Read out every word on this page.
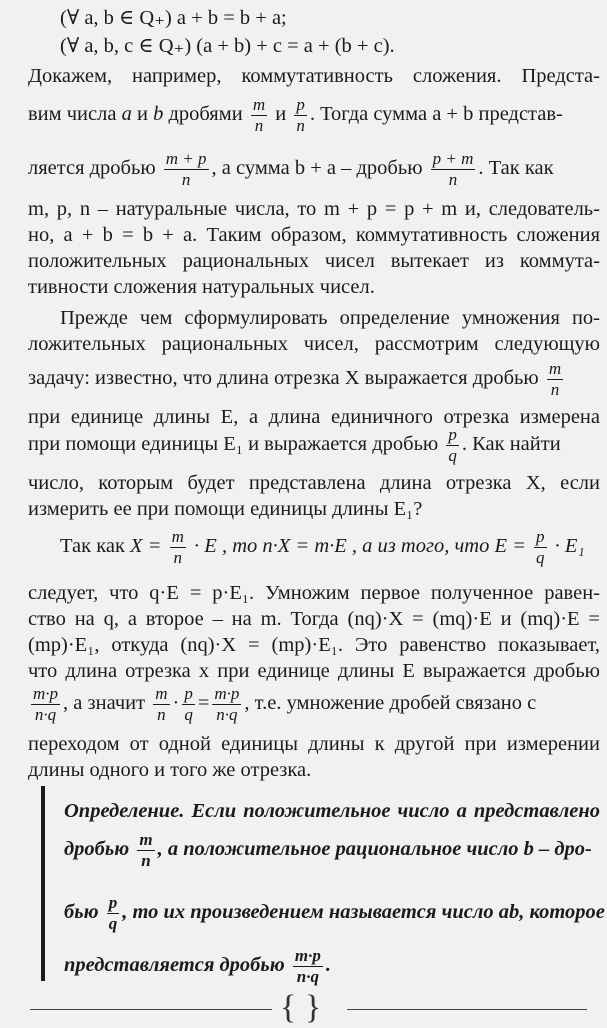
(∀ a, b ∈ Q₊) a + b = b + a;
(∀ a, b, c ∈ Q₊) (a + b) + c = a + (b + c).
Докажем, например, коммутативность сложения. Предста-
вим числа a и b дробями $\frac{m}{n}$ и $\frac{p}{n}$ . Тогда сумма a + b представ-
ляется дробью $\frac{m + p}{n}$ , а сумма b + a – дробью $\frac{p + m}{n}$ . Так как
m, p, n – натуральные числа, то m + p = p + m и, следователь-
но, a + b = b + a. Таким образом, коммутативность сложения
положительных рациональных чисел вытекает из коммута-
тивности сложения натуральных чисел.
Прежде чем сформулировать определение умножения по-
ложительных рациональных чисел, рассмотрим следующую
задачу: известно, что длина отрезка X выражается дробью $\frac{m}{n}$
при единице длины E, а длина единичного отрезка измерена
при помощи единицы E₁ и выражается дробью $\frac{p}{q}$ . Как найти
число, которым будет представлена длина отрезка X, если
измерить ее при помощи единицы длины E₁?
Так как $X = \frac{m}{n} \cdot E$ , то n·X = m·E , а из того, что $E = \frac{p}{q} \cdot E_1$
следует, что q·E = p·E₁. Умножим первое полученное равен-
ство на q, а второе – на m. Тогда (nq)·X = (mq)·E и (mq)·E =
(mp)·E₁, откуда (nq)·X = (mp)·E₁. Это равенство показывает,
что длина отрезка x при единице длины E выражается дробью
$\frac{m\cdot p}{n\cdot q}$ , а значит $\frac{m}{n} \cdot \frac{p}{q} = \frac{m\cdot p}{n\cdot q}$ , т.е. умножение дробей связано с
переходом от одной единицы длины к другой при измерении
длины одного и того же отрезка.
Определение. Если положительное число a представлено
дробью $\frac{m}{n}$ , а положительное рациональное число b – дро-
бью $\frac{p}{q}$ , то их произведением называется число ab, которое
представляется дробью $\frac{m\cdot p}{n\cdot q}$ .
{ }
